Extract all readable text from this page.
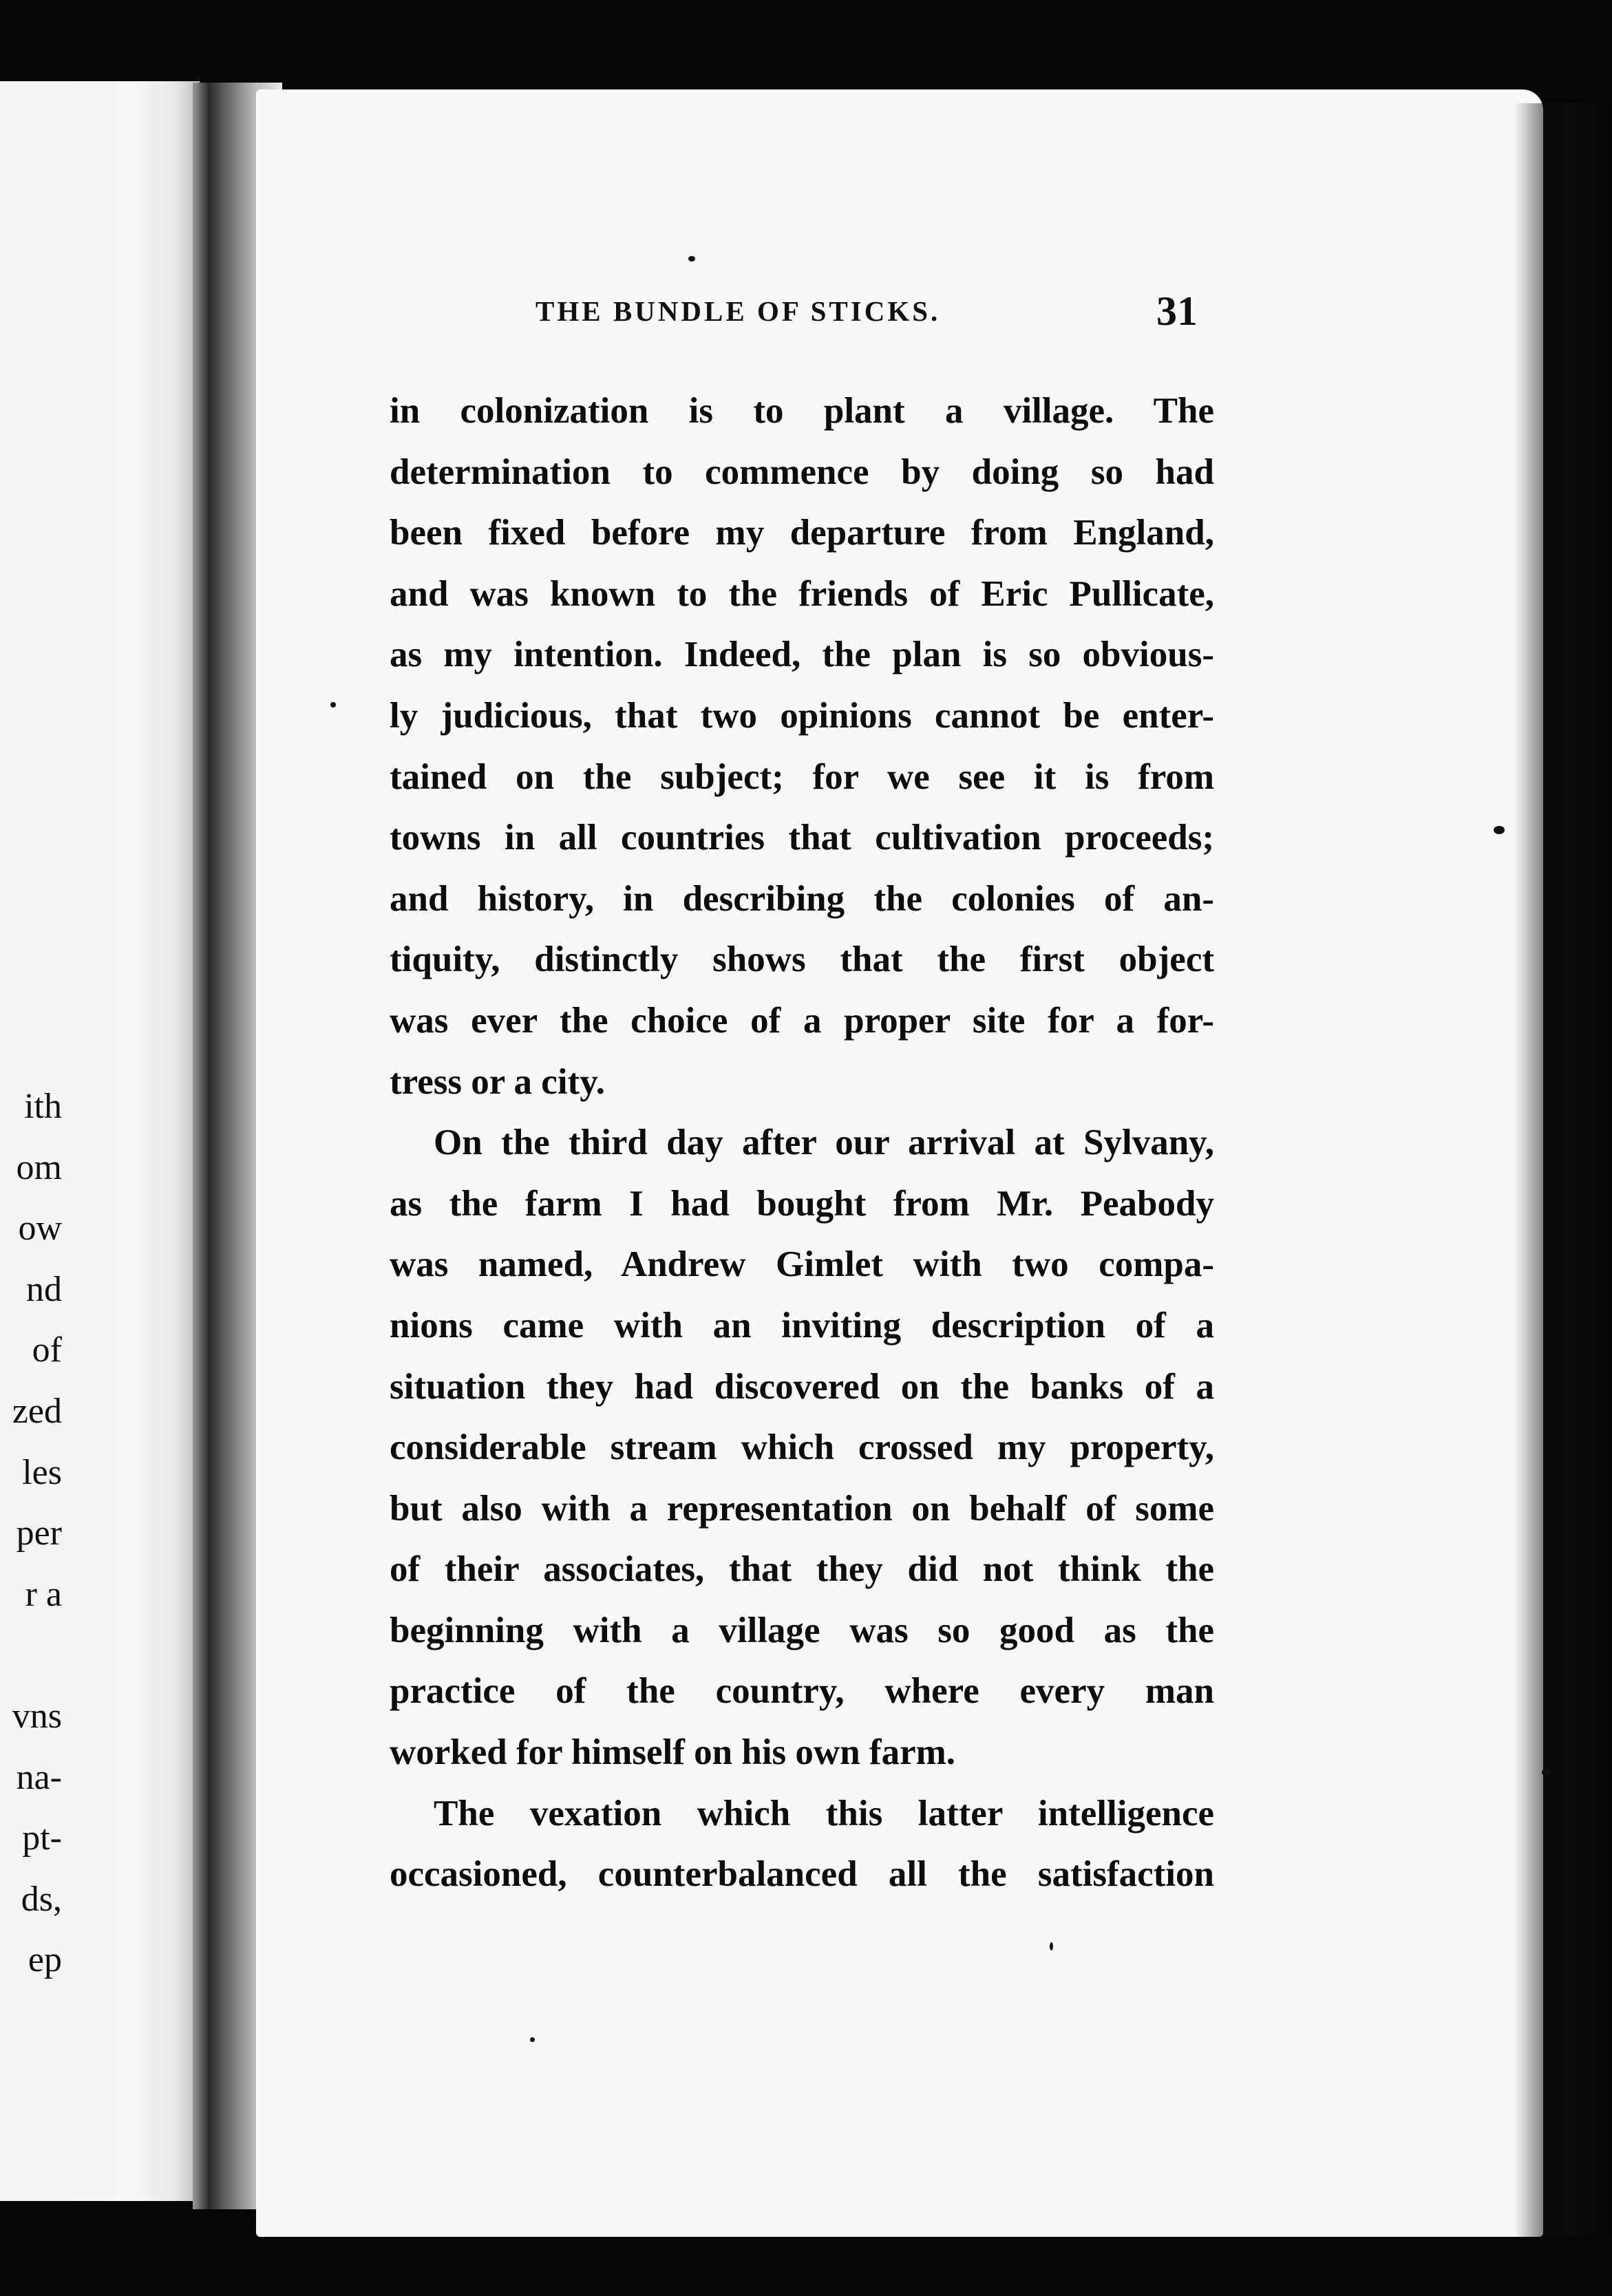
ith
om
ow
nd
of
zed
les
per
r a
vns
na-
pt-
ds,
ep
THE BUNDLE OF STICKS.	31
in colonization is to plant a village. The
determination to commence by doing so had
been fixed before my departure from England,
and was known to the friends of Eric Pullicate,
as my intention. Indeed, the plan is so obvious-
ly judicious, that two opinions cannot be enter-
tained on the subject; for we see it is from
towns in all countries that cultivation proceeds;
and history, in describing the colonies of an-
tiquity, distinctly shows that the first object
was ever the choice of a proper site for a for-
tress or a city.
On the third day after our arrival at Sylvany,
as the farm I had bought from Mr. Peabody
was named, Andrew Gimlet with two compa-
nions came with an inviting description of a
situation they had discovered on the banks of a
considerable stream which crossed my property,
but also with a representation on behalf of some
of their associates, that they did not think the
beginning with a village was so good as the
practice of the country, where every man
worked for himself on his own farm.
The vexation which this latter intelligence
occasioned, counterbalanced all the satisfaction
